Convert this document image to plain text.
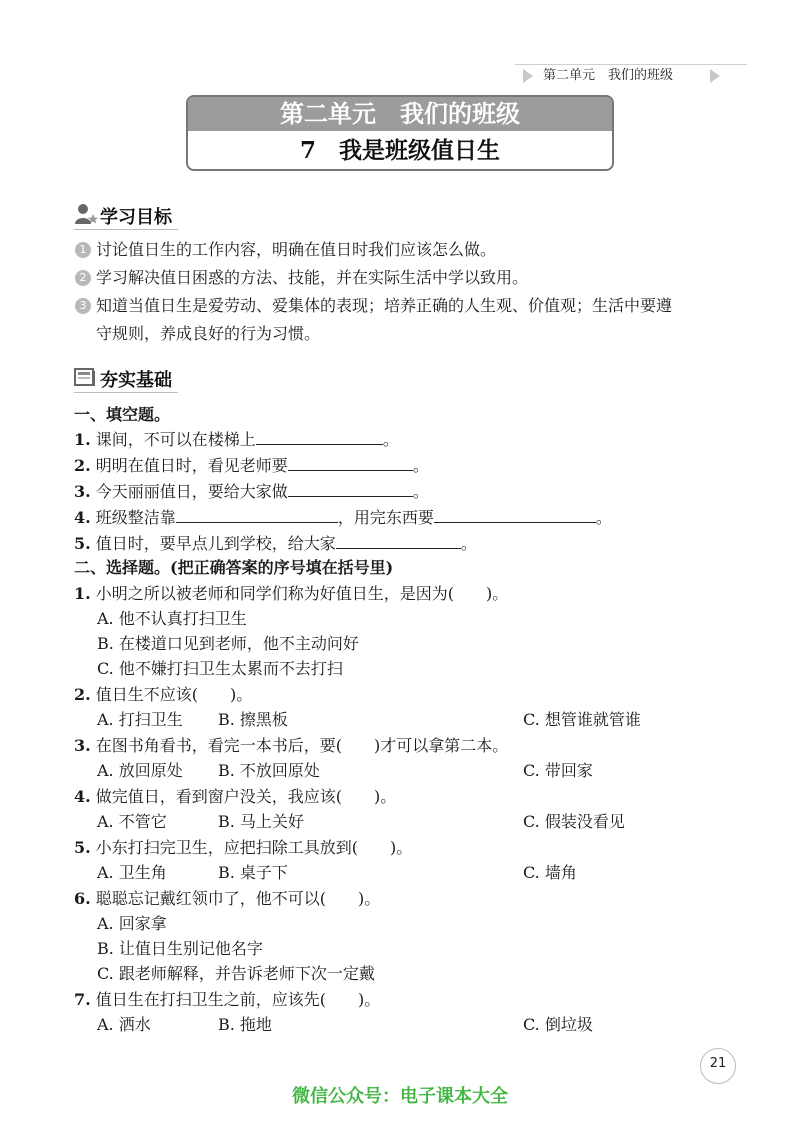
第二单元　我们的班级
第二单元　我们的班级
7　我是班级值日生
学习目标
1 讨论值日生的工作内容，明确在值日时我们应该怎么做。
2 学习解决值日困惑的方法、技能，并在实际生活中学以致用。
3 知道当值日生是爱劳动、爱集体的表现；培养正确的人生观、价值观；生活中要遵
守规则，养成良好的行为习惯。
夯实基础
一、填空题。
1. 课间，不可以在楼梯上	。
2. 明明在值日时，看见老师要	。
3. 今天丽丽值日，要给大家做	。
4. 班级整洁靠	，用完东西要	。
5. 值日时，要早点儿到学校，给大家	。
二、选择题。(把正确答案的序号填在括号里)
1. 小明之所以被老师和同学们称为好值日生，是因为(　　)。
A. 他不认真打扫卫生
B. 在楼道口见到老师，他不主动问好
C. 他不嫌打扫卫生太累而不去打扫
2. 值日生不应该(　　)。
A. 打扫卫生 B. 擦黑板	C. 想管谁就管谁
3. 在图书角看书，看完一本书后，要(　　)才可以拿第二本。
A. 放回原处 B. 不放回原处	C. 带回家
4. 做完值日，看到窗户没关，我应该(　　)。
A. 不管它	B. 马上关好	C. 假装没看见
5. 小东打扫完卫生，应把扫除工具放到(　　)。
A. 卫生角	B. 桌子下	C. 墙角
6. 聪聪忘记戴红领巾了，他不可以(　　)。
A. 回家拿
B. 让值日生别记他名字
C. 跟老师解释，并告诉老师下次一定戴
7. 值日生在打扫卫生之前，应该先(　　)。
A. 洒水	B. 拖地	C. 倒垃圾
21
微信公众号：电子课本大全
